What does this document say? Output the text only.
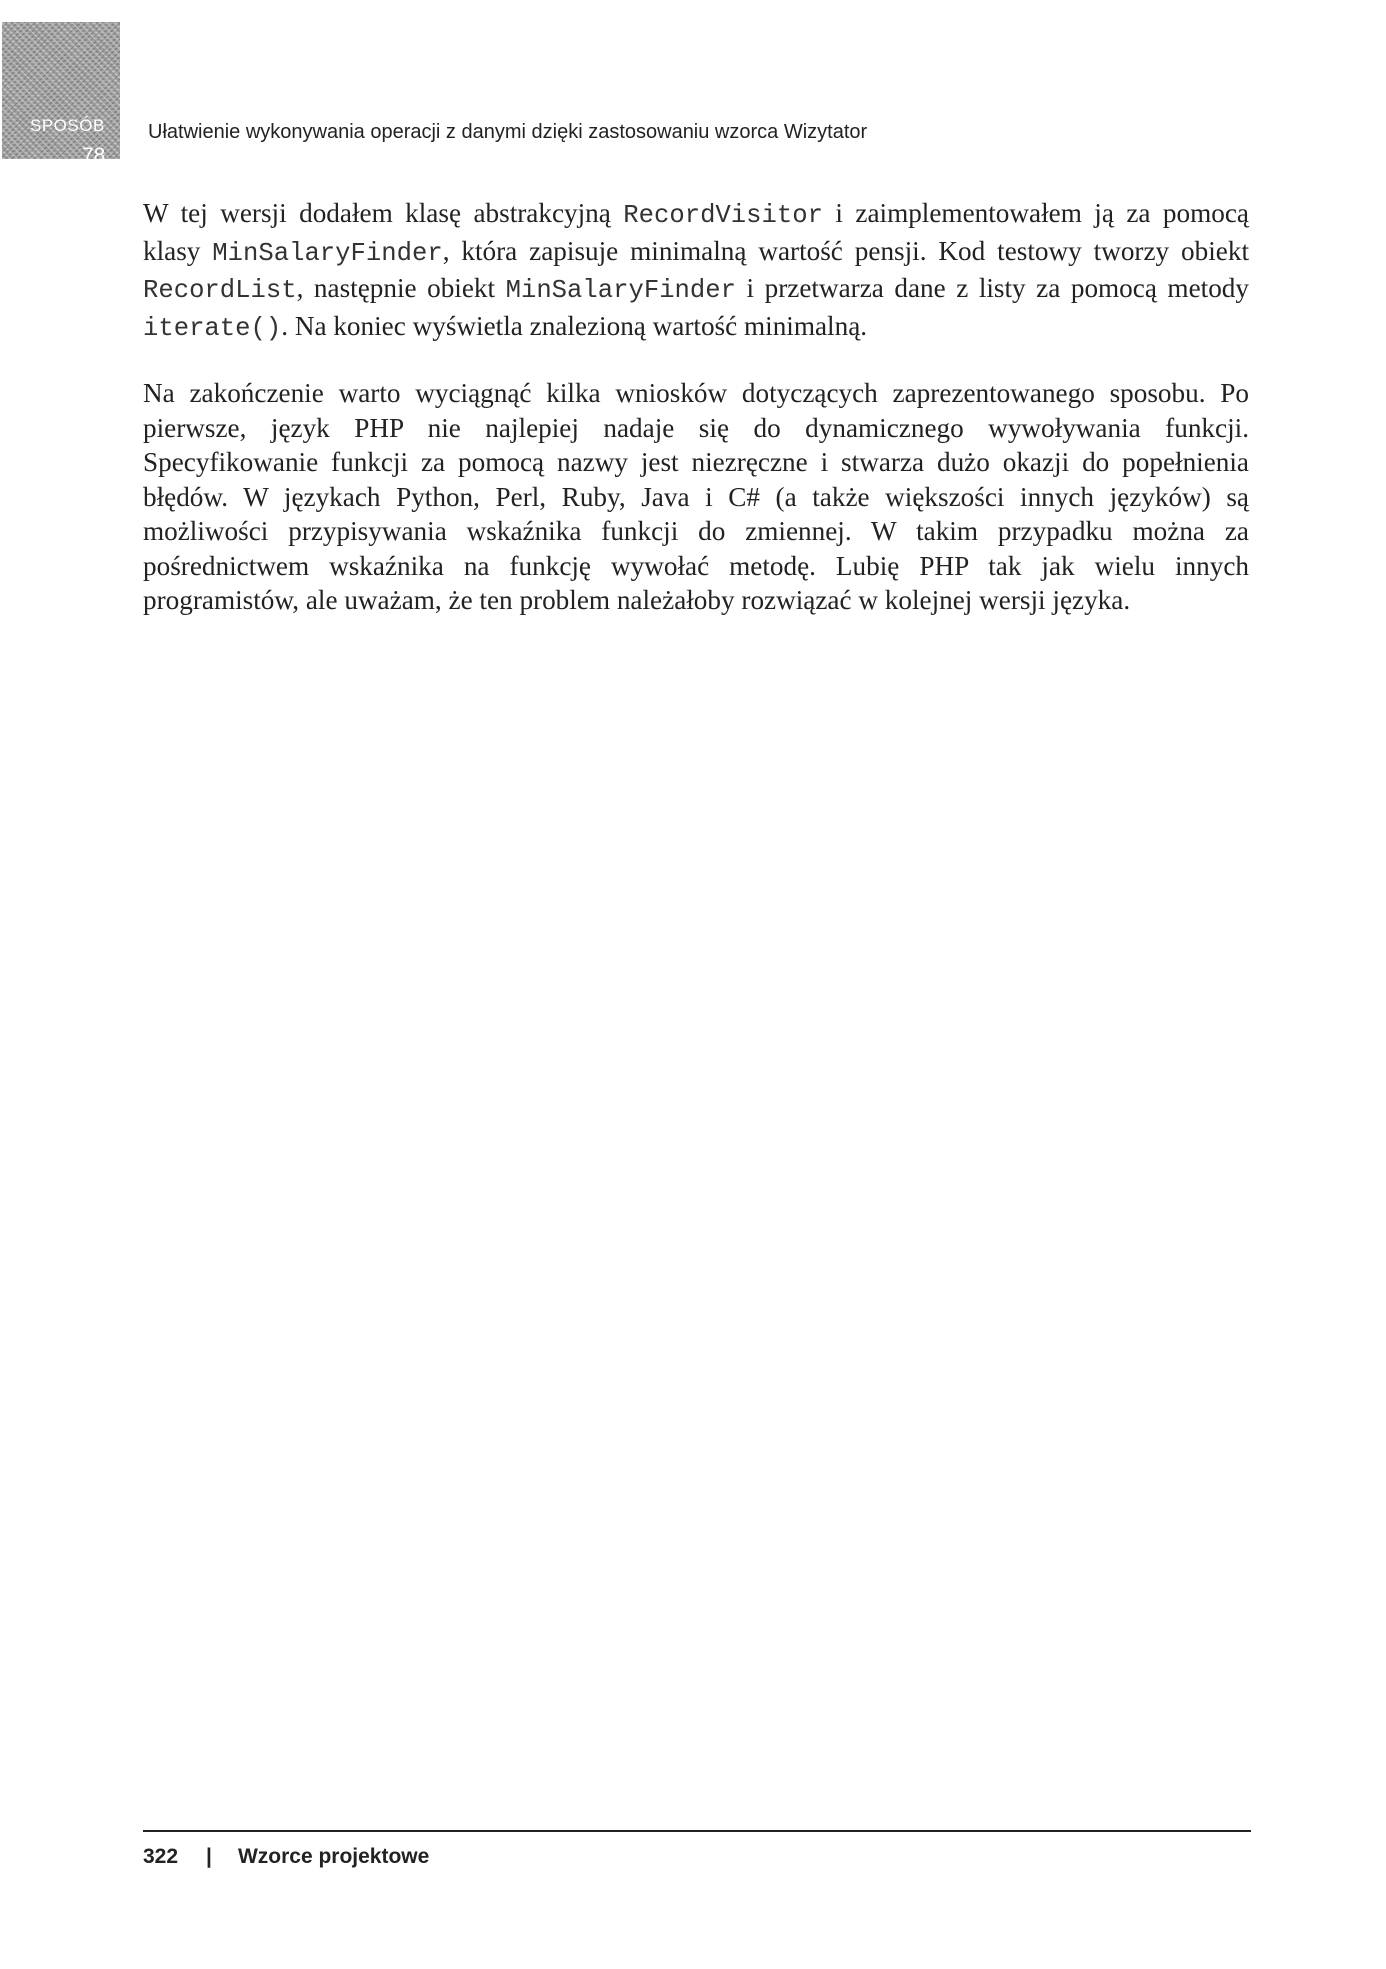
SPOSÓB
78.
Ułatwienie wykonywania operacji z danymi dzięki zastosowaniu wzorca Wizytator

W tej wersji dodałem klasę abstrakcyjną RecordVisitor i zaimplementowałem ją za pomocą klasy MinSalaryFinder, która zapisuje minimalną wartość pensji. Kod testowy tworzy obiekt RecordList, następnie obiekt MinSalaryFinder i przetwarza dane z listy za pomocą metody iterate(). Na koniec wyświetla znalezioną wartość minimalną.

Na zakończenie warto wyciągnąć kilka wniosków dotyczących zaprezentowanego sposobu. Po pierwsze, język PHP nie najlepiej nadaje się do dynamicznego wywoływania funkcji. Specyfikowanie funkcji za pomocą nazwy jest niezręczne i stwarza dużo okazji do popełnienia błędów. W językach Python, Perl, Ruby, Java i C# (a także większości innych języków) są możliwości przypisywania wskaźnika funkcji do zmiennej. W takim przypadku można za pośrednictwem wskaźnika na funkcję wywołać metodę. Lubię PHP tak jak wielu innych programistów, ale uważam, że ten problem należałoby rozwiązać w kolejnej wersji języka.

322 | Wzorce projektowe
